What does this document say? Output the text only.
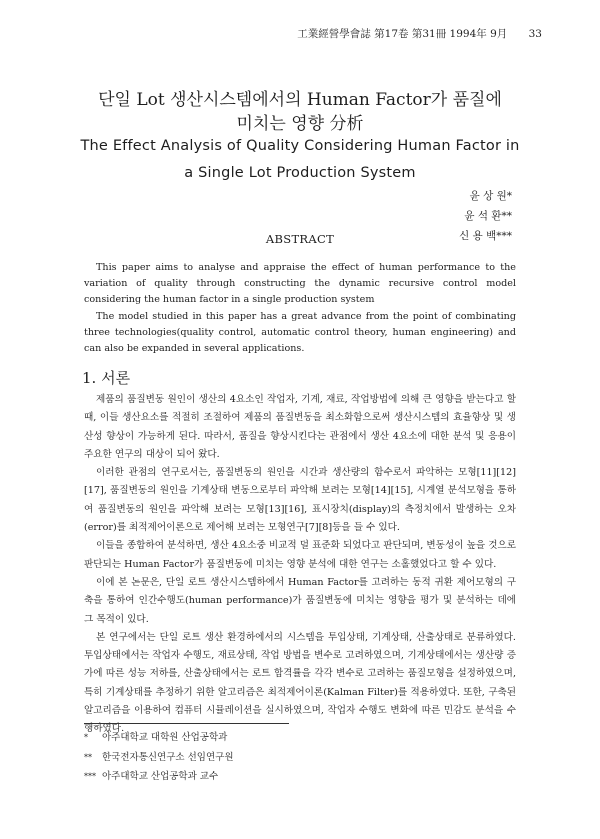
工業經營學會誌 第17卷 第31冊 1994年 9月 33
단일 Lot 생산시스템에서의 Human Factor가 품질에
미치는 영향 分析
The Effect Analysis of Quality Considering Human Factor in
a Single Lot Production System
윤 상 원*
윤 석 환**
신 용 백***
ABSTRACT

This paper aims to analyse and appraise the effect of human performance to the variation of quality through constructing the dynamic recursive control model considering the human factor in a single production system

The model studied in this paper has a great advance from the point of combinating three technologies(quality control, automatic control theory, human engineering) and can also be expanded in several applications.

1. 서론

제품의 품질변동 원인이 생산의 4요소인 작업자, 기계, 재료, 작업방법에 의해 큰 영향을 받는다고 할 때, 이들 생산요소를 적절히 조절하여 제품의 품질변동을 최소화함으로써 생산시스템의 효율향상 및 생산성 향상이 가능하게 된다. 따라서, 품질을 향상시킨다는 관점에서 생산 4요소에 대한 분석 및 응용이 주요한 연구의 대상이 되어 왔다.

이러한 관점의 연구로서는, 품질변동의 원인을 시간과 생산량의 함수로서 파악하는 모형[11][12][17], 품질변동의 원인을 기계상태 변동으로부터 파악해 보려는 모형[14][15], 시계열 분석모형을 통하여 품질변동의 원인을 파악해 보려는 모형[13][16], 표시장치(display)의 측정치에서 발생하는 오차(error)를 최적제어이론으로 제어해 보려는 모형연구[7][8]등을 들 수 있다.

이들을 종합하여 분석하면, 생산 4요소중 비교적 덜 표준화 되었다고 판단되며, 변동성이 높을 것으로 판단되는 Human Factor가 품질변동에 미치는 영향 분석에 대한 연구는 소홀했었다고 할 수 있다.

이에 본 논문은, 단일 로트 생산시스템하에서 Human Factor를 고려하는 동적 귀환 제어모형의 구축을 통하여 인간수행도(human performance)가 품질변동에 미치는 영향을 평가 및 분석하는 데에 그 목적이 있다.

본 연구에서는 단일 로트 생산 환경하에서의 시스템을 투입상태, 기계상태, 산출상태로 분류하였다. 투입상태에서는 작업자 수행도, 재료상태, 작업 방법을 변수로 고려하였으며, 기계상태에서는 생산량 증가에 따른 성능 저하를, 산출상태에서는 로트 합격률을 각각 변수로 고려하는 품질모형을 설정하였으며, 특히 기계상태를 추정하기 위한 알고리즘은 최적제어이론(Kalman Filter)를 적용하였다. 또한, 구축된 알고리즘을 이용하여 컴퓨터 시뮬레이션을 실시하였으며, 작업자 수행도 변화에 따른 민감도 분석을 수행하였다.

* 아주대학교 대학원 산업공학과
** 한국전자통신연구소 선임연구원
*** 아주대학교 산업공학과 교수
